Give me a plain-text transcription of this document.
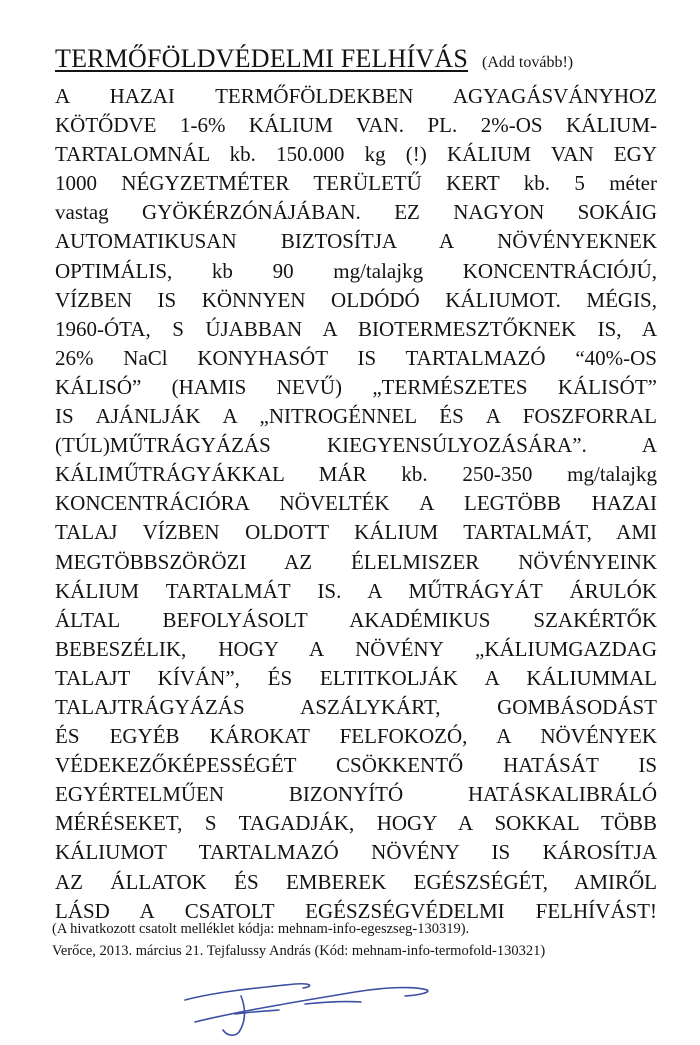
TERMŐFÖLDVÉDELMI FELHÍVÁS (Add tovább!)
A HAZAI TERMŐFÖLDEKBEN AGYAGÁSVÁNYHOZ
KÖTŐDVE 1-6% KÁLIUM VAN. PL. 2%-OS KÁLIUM-
TARTALOMNÁL kb. 150.000 kg (!) KÁLIUM VAN EGY
1000 NÉGYZETMÉTER TERÜLETŰ KERT kb. 5 méter
vastag GYÖKÉRZÓNÁJÁBAN. EZ NAGYON SOKÁIG
AUTOMATIKUSAN BIZTOSÍTJA A NÖVÉNYEKNEK
OPTIMÁLIS, kb 90 mg/talajkg KONCENTRÁCIÓJÚ,
VÍZBEN IS KÖNNYEN OLDÓDÓ KÁLIUMOT. MÉGIS,
1960-ÓTA, S ÚJABBAN A BIOTERMESZTŐKNEK IS, A
26% NaCl KONYHASÓT IS TARTALMAZÓ “40%-OS
KÁLISÓ” (HAMIS NEVŰ) „TERMÉSZETES KÁLISÓT”
IS AJÁNLJÁK A „NITROGÉNNEL ÉS A FOSZFORRAL
(TÚL)MŰTRÁGYÁZÁS KIEGYENSÚLYOZÁSÁRA”. A
KÁLIMŰTRÁGYÁKKAL MÁR kb. 250-350 mg/talajkg
KONCENTRÁCIÓRA NÖVELTÉK A LEGTÖBB HAZAI
TALAJ VÍZBEN OLDOTT KÁLIUM TARTALMÁT, AMI
MEGTÖBBSZÖRÖZI AZ ÉLELMISZER NÖVÉNYEINK
KÁLIUM TARTALMÁT IS. A MŰTRÁGYÁT ÁRULÓK
ÁLTAL BEFOLYÁSOLT AKADÉMIKUS SZAKÉRTŐK
BEBESZÉLIK, HOGY A NÖVÉNY „KÁLIUMGAZDAG
TALAJT KÍVÁN”, ÉS ELTITKOLJÁK A KÁLIUMMAL
TALAJTRÁGYÁZÁS ASZÁLYKÁRT, GOMBÁSODÁST
ÉS EGYÉB KÁROKAT FELFOKOZÓ, A NÖVÉNYEK
VÉDEKEZŐKÉPESSÉGÉT CSÖKKENTŐ HATÁSÁT IS
EGYÉRTELMŰEN BIZONYÍTÓ HATÁSKALIBRÁLÓ
MÉRÉSEKET, S TAGADJÁK, HOGY A SOKKAL TÖBB
KÁLIUMOT TARTALMAZÓ NÖVÉNY IS KÁROSÍTJA
AZ ÁLLATOK ÉS EMBEREK EGÉSZSÉGÉT, AMIRŐL
LÁSD A CSATOLT EGÉSZSÉGVÉDELMI FELHÍVÁST!
(A hivatkozott csatolt melléklet kódja: mehnam-info-egeszseg-130319).
Verőce, 2013. március 21. Tejfalussy András (Kód: mehnam-info-termofold-130321)
